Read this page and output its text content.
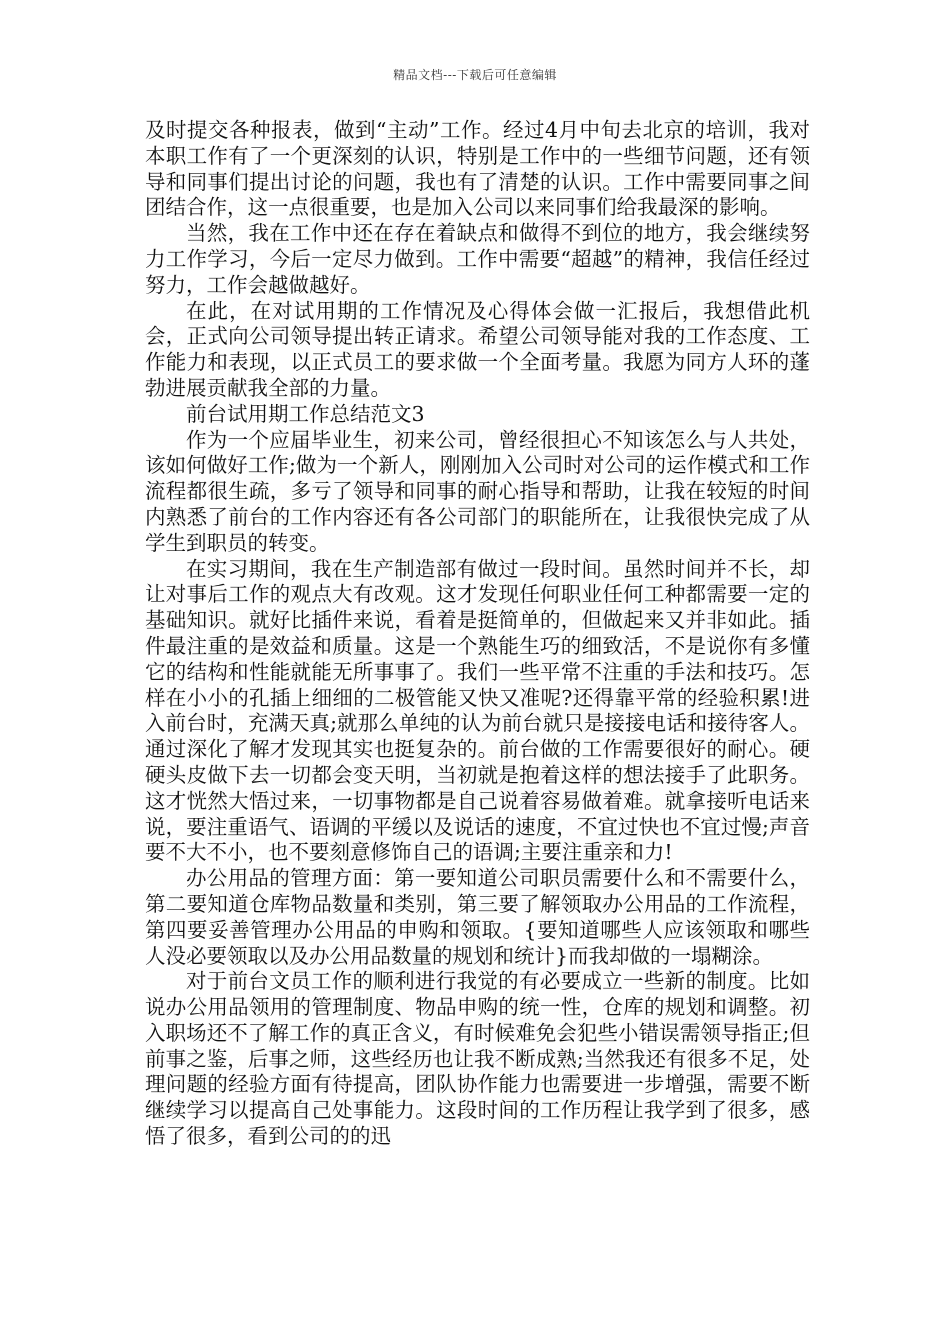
精品文档---下载后可任意编辑

及时提交各种报表，做到“主动”工作。经过4月中旬去北京的培训，我对本职工作有了一个更深刻的认识，特别是工作中的一些细节问题，还有领导和同事们提出讨论的问题，我也有了清楚的认识。工作中需要同事之间团结合作，这一点很重要，也是加入公司以来同事们给我最深的影响。

当然，我在工作中还在存在着缺点和做得不到位的地方，我会继续努力工作学习，今后一定尽力做到。工作中需要“超越”的精神，我信任经过努力，工作会越做越好。

在此，在对试用期的工作情况及心得体会做一汇报后，我想借此机会，正式向公司领导提出转正请求。希望公司领导能对我的工作态度、工作能力和表现，以正式员工的要求做一个全面考量。我愿为同方人环的蓬勃进展贡献我全部的力量。

前台试用期工作总结范文3

作为一个应届毕业生，初来公司，曾经很担心不知该怎么与人共处，该如何做好工作;做为一个新人，刚刚加入公司时对公司的运作模式和工作流程都很生疏，多亏了领导和同事的耐心指导和帮助，让我在较短的时间内熟悉了前台的工作内容还有各公司部门的职能所在，让我很快完成了从学生到职员的转变。

在实习期间，我在生产制造部有做过一段时间。虽然时间并不长，却让对事后工作的观点大有改观。这才发现任何职业任何工种都需要一定的基础知识。就好比插件来说，看着是挺简单的，但做起来又并非如此。插件最注重的是效益和质量。这是一个熟能生巧的细致活，不是说你有多懂它的结构和性能就能无所事事了。我们一些平常不注重的手法和技巧。怎样在小小的孔插上细细的二极管能又快又准呢?还得靠平常的经验积累!进入前台时，充满天真;就那么单纯的认为前台就只是接接电话和接待客人。通过深化了解才发现其实也挺复杂的。前台做的工作需要很好的耐心。硬硬头皮做下去一切都会变天明，当初就是抱着这样的想法接手了此职务。这才恍然大悟过来，一切事物都是自己说着容易做着难。就拿接听电话来说，要注重语气、语调的平缓以及说话的速度，不宜过快也不宜过慢;声音要不大不小，也不要刻意修饰自己的语调;主要注重亲和力!

办公用品的管理方面：第一要知道公司职员需要什么和不需要什么，第二要知道仓库物品数量和类别，第三要了解领取办公用品的工作流程，第四要妥善管理办公用品的申购和领取。{要知道哪些人应该领取和哪些人没必要领取以及办公用品数量的规划和统计}而我却做的一塌糊涂。

对于前台文员工作的顺利进行我觉的有必要成立一些新的制度。比如说办公用品领用的管理制度、物品申购的统一性，仓库的规划和调整。初入职场还不了解工作的真正含义，有时候难免会犯些小错误需领导指正;但前事之鉴，后事之师，这些经历也让我不断成熟;当然我还有很多不足，处理问题的经验方面有待提高，团队协作能力也需要进一步增强，需要不断继续学习以提高自己处事能力。这段时间的工作历程让我学到了很多，感悟了很多，看到公司的的迅
